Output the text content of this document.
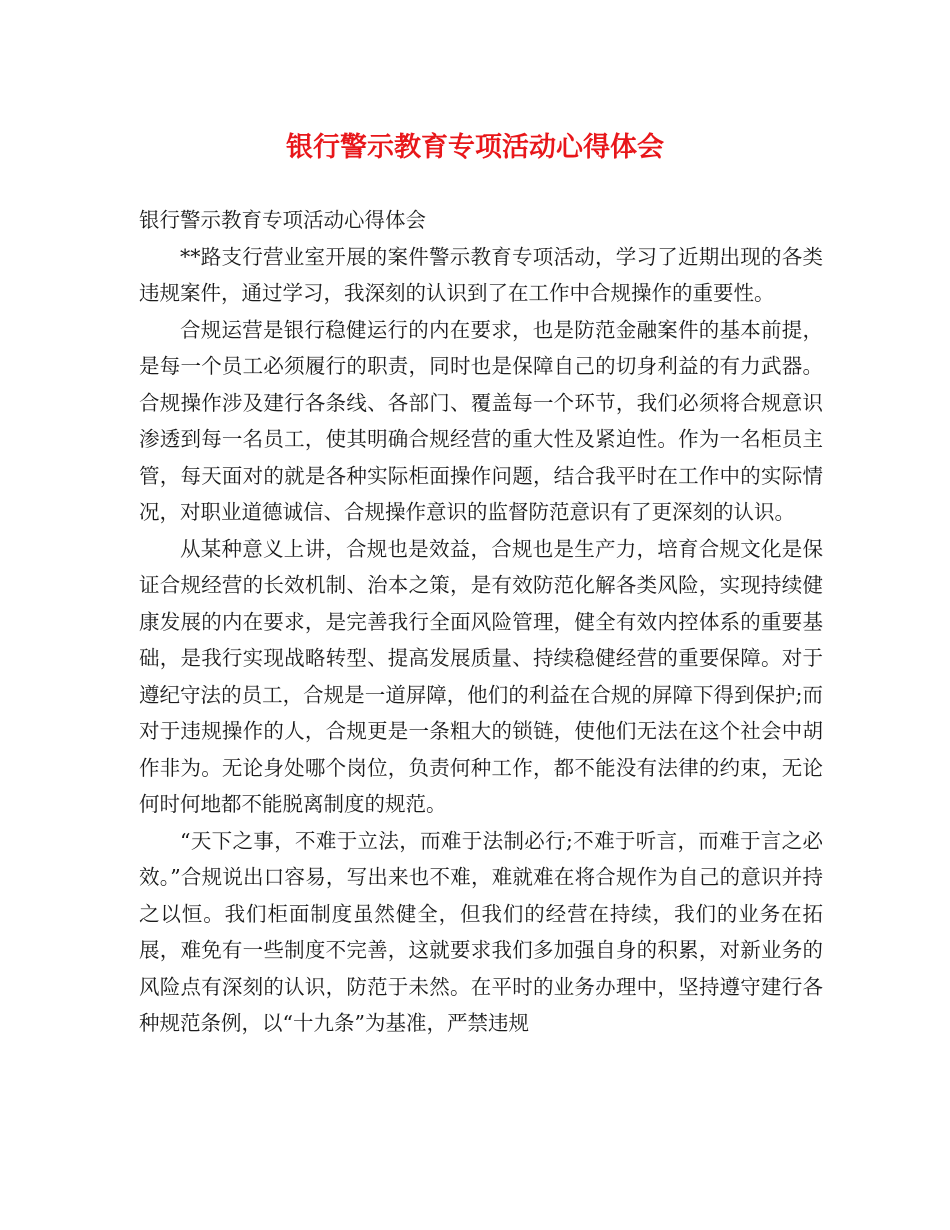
银行警示教育专项活动心得体会

银行警示教育专项活动心得体会

**路支行营业室开展的案件警示教育专项活动，学习了近期出现的各类违规案件，通过学习，我深刻的认识到了在工作中合规操作的重要性。

合规运营是银行稳健运行的内在要求，也是防范金融案件的基本前提，是每一个员工必须履行的职责，同时也是保障自己的切身利益的有力武器。合规操作涉及建行各条线、各部门、覆盖每一个环节，我们必须将合规意识渗透到每一名员工，使其明确合规经营的重大性及紧迫性。作为一名柜员主管，每天面对的就是各种实际柜面操作问题，结合我平时在工作中的实际情况，对职业道德诚信、合规操作意识的监督防范意识有了更深刻的认识。

从某种意义上讲，合规也是效益，合规也是生产力，培育合规文化是保证合规经营的长效机制、治本之策，是有效防范化解各类风险，实现持续健康发展的内在要求，是完善我行全面风险管理，健全有效内控体系的重要基础，是我行实现战略转型、提高发展质量、持续稳健经营的重要保障。对于遵纪守法的员工，合规是一道屏障，他们的利益在合规的屏障下得到保护;而对于违规操作的人，合规更是一条粗大的锁链，使他们无法在这个社会中胡作非为。无论身处哪个岗位，负责何种工作，都不能没有法律的约束，无论何时何地都不能脱离制度的规范。

“天下之事，不难于立法，而难于法制必行;不难于听言，而难于言之必效。”合规说出口容易，写出来也不难，难就难在将合规作为自己的意识并持之以恒。我们柜面制度虽然健全，但我们的经营在持续，我们的业务在拓展，难免有一些制度不完善，这就要求我们多加强自身的积累，对新业务的风险点有深刻的认识，防范于未然。在平时的业务办理中，坚持遵守建行各种规范条例，以“十九条”为基准，严禁违规
